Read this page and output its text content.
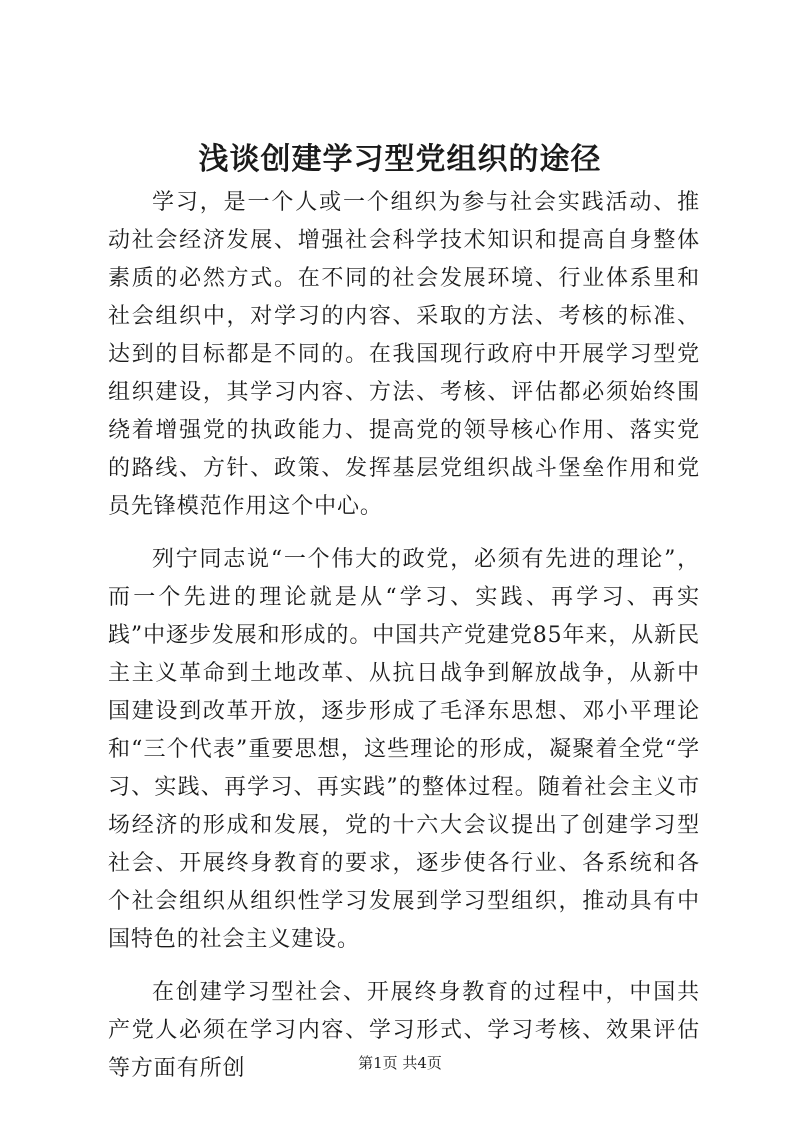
浅谈创建学习型党组织的途径

学习，是一个人或一个组织为参与社会实践活动、推动社会经济发展、增强社会科学技术知识和提高自身整体素质的必然方式。在不同的社会发展环境、行业体系里和社会组织中，对学习的内容、采取的方法、考核的标准、达到的目标都是不同的。在我国现行政府中开展学习型党组织建设，其学习内容、方法、考核、评估都必须始终围绕着增强党的执政能力、提高党的领导核心作用、落实党的路线、方针、政策、发挥基层党组织战斗堡垒作用和党员先锋模范作用这个中心。

列宁同志说“一个伟大的政党，必须有先进的理论”，而一个先进的理论就是从“学习、实践、再学习、再实践”中逐步发展和形成的。中国共产党建党85年来，从新民主主义革命到土地改革、从抗日战争到解放战争，从新中国建设到改革开放，逐步形成了毛泽东思想、邓小平理论和“三个代表”重要思想，这些理论的形成，凝聚着全党“学习、实践、再学习、再实践”的整体过程。随着社会主义市场经济的形成和发展，党的十六大会议提出了创建学习型社会、开展终身教育的要求，逐步使各行业、各系统和各个社会组织从组织性学习发展到学习型组织，推动具有中国特色的社会主义建设。

在创建学习型社会、开展终身教育的过程中，中国共产党人必须在学习内容、学习形式、学习考核、效果评估等方面有所创	第1页 共4页
